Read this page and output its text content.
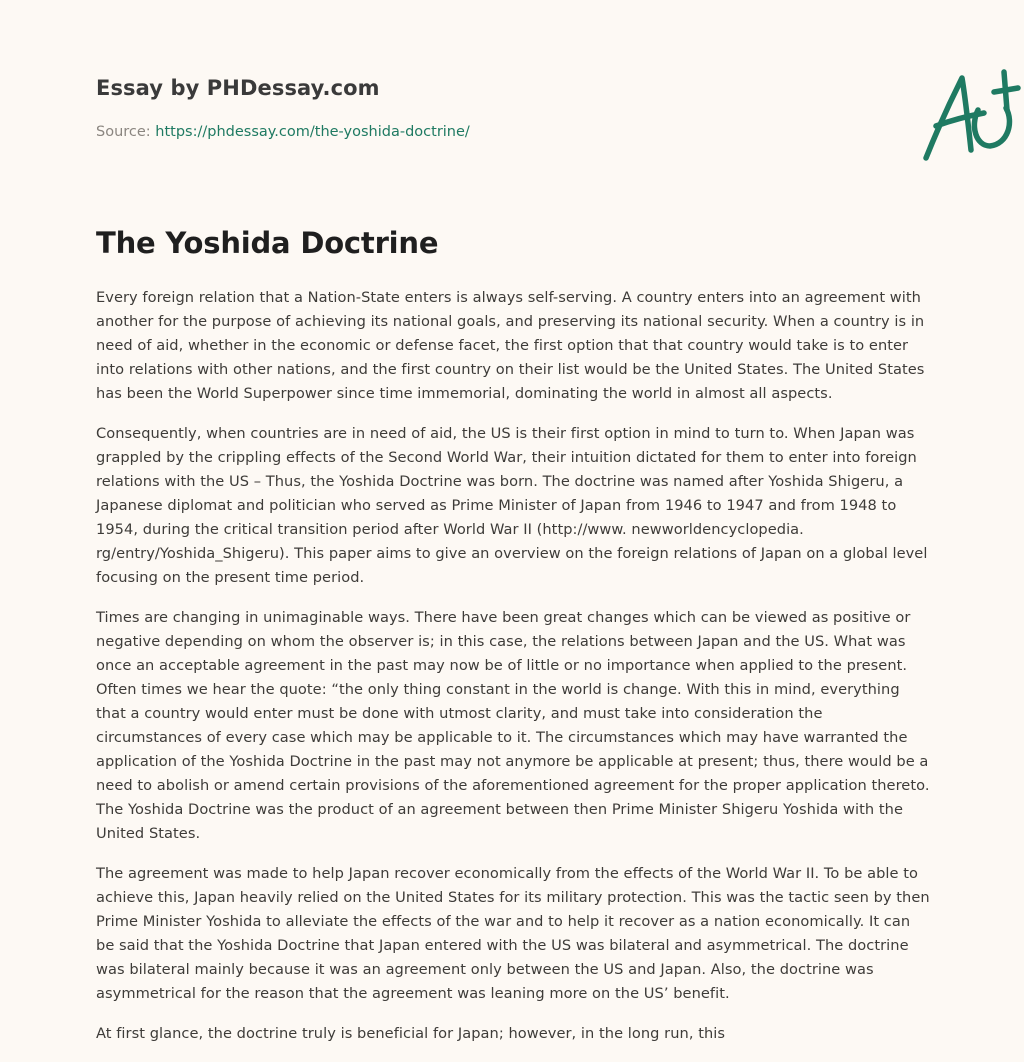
Essay by PHDessay.com
Source: https://phdessay.com/the-yoshida-doctrine/
The Yoshida Doctrine

Every foreign relation that a Nation-State enters is always self-serving. A country enters into an agreement with another for the purpose of achieving its national goals, and preserving its national security. When a country is in need of aid, whether in the economic or defense facet, the first option that that country would take is to enter into relations with other nations, and the first country on their list would be the United States. The United States has been the World Superpower since time immemorial, dominating the world in almost all aspects.

Consequently, when countries are in need of aid, the US is their first option in mind to turn to. When Japan was grappled by the crippling effects of the Second World War, their intuition dictated for them to enter into foreign relations with the US – Thus, the Yoshida Doctrine was born. The doctrine was named after Yoshida Shigeru, a Japanese diplomat and politician who served as Prime Minister of Japan from 1946 to 1947 and from 1948 to 1954, during the critical transition period after World War II (http://www. newworldencyclopedia. rg/entry/Yoshida_Shigeru). This paper aims to give an overview on the foreign relations of Japan on a global level focusing on the present time period.

Times are changing in unimaginable ways. There have been great changes which can be viewed as positive or negative depending on whom the observer is; in this case, the relations between Japan and the US. What was once an acceptable agreement in the past may now be of little or no importance when applied to the present. Often times we hear the quote: “the only thing constant in the world is change. With this in mind, everything that a country would enter must be done with utmost clarity, and must take into consideration the circumstances of every case which may be applicable to it. The circumstances which may have warranted the application of the Yoshida Doctrine in the past may not anymore be applicable at present; thus, there would be a need to abolish or amend certain provisions of the aforementioned agreement for the proper application thereto. The Yoshida Doctrine was the product of an agreement between then Prime Minister Shigeru Yoshida with the United States.

The agreement was made to help Japan recover economically from the effects of the World War II. To be able to achieve this, Japan heavily relied on the United States for its military protection. This was the tactic seen by then Prime Minister Yoshida to alleviate the effects of the war and to help it recover as a nation economically. It can be said that the Yoshida Doctrine that Japan entered with the US was bilateral and asymmetrical. The doctrine was bilateral mainly because it was an agreement only between the US and Japan. Also, the doctrine was asymmetrical for the reason that the agreement was leaning more on the US’ benefit.

At first glance, the doctrine truly is beneficial for Japan; however, in the long run, this
